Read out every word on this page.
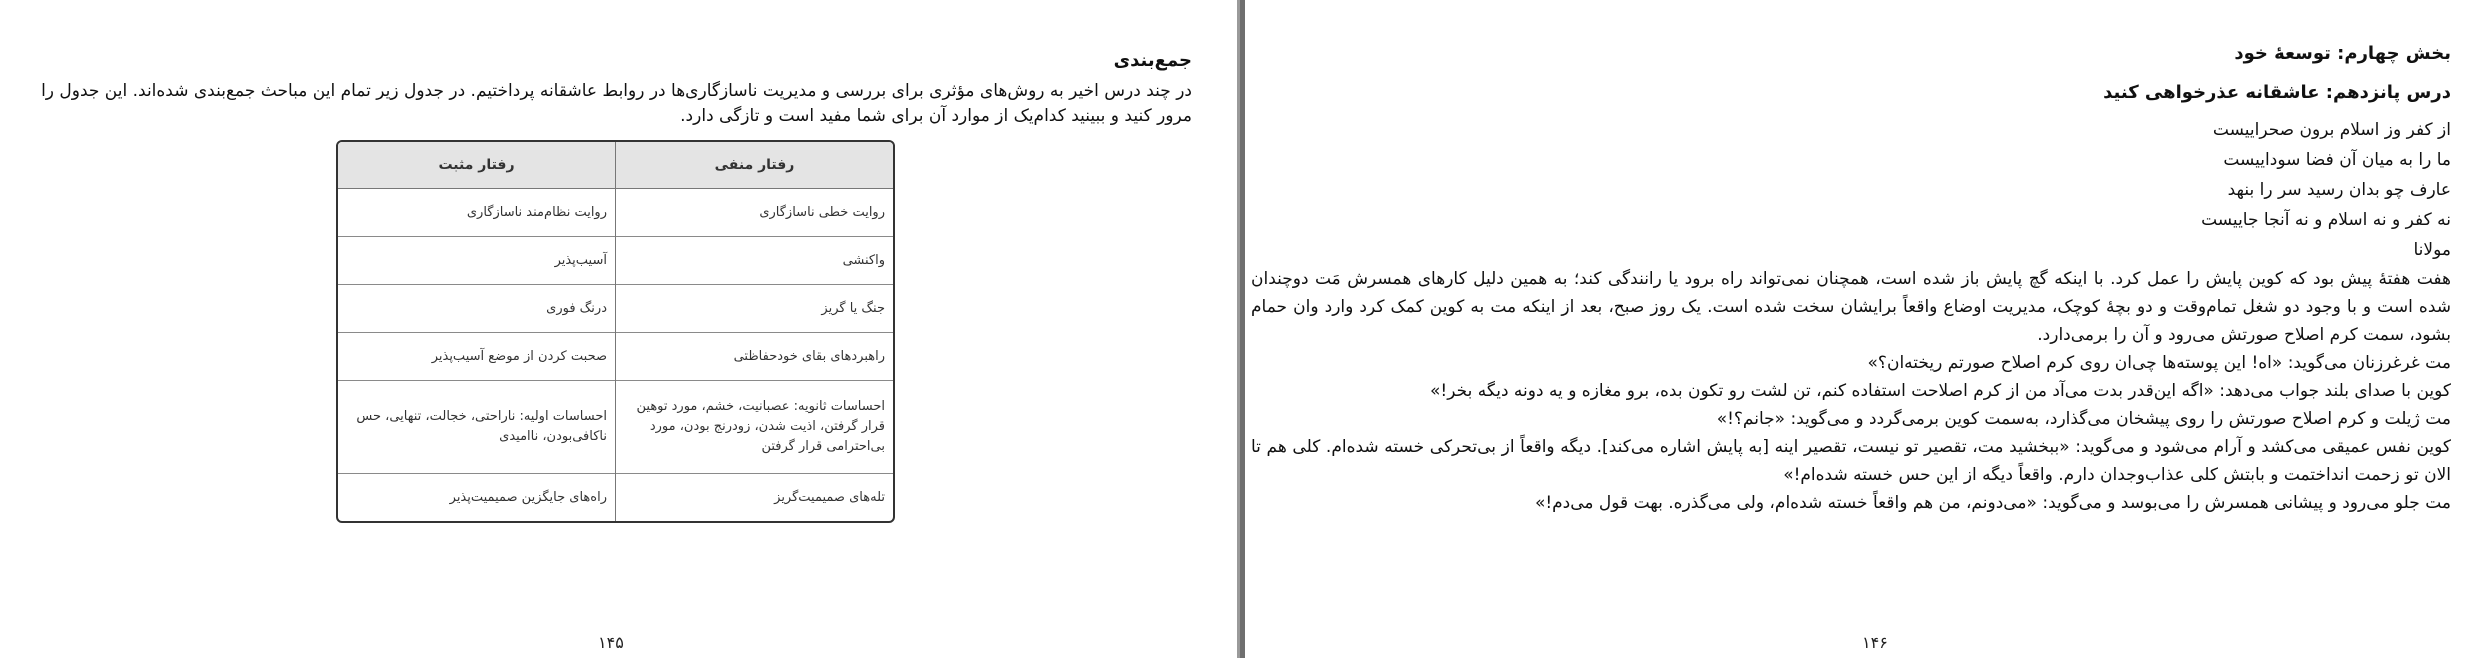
جمع‌بندی

در چند درس اخیر به روش‌های مؤثری برای بررسی و مدیریت ناسازگاری‌ها در روابط عاشقانه پرداختیم. در جدول زیر تمام این مباحث جمع‌بندی شده‌اند. این جدول را مرور کنید و ببینید کدام‌یک از موارد آن برای شما مفید است و تازگی دارد.

رفتار منفی	رفتار مثبت
روایت خطی ناسازگاری	روایت نظام‌مند ناسازگاری
واکنشی	آسیب‌پذیر
جنگ یا گریز	درنگ فوری
راهبردهای بقای خودحفاظتی	صحبت کردن از موضع آسیب‌پذیر
احساسات ثانویه: عصبانیت، خشم، مورد توهین قرار گرفتن، اذیت شدن، زودرنج بودن، مورد بی‌احترامی قرار گرفتن	احساسات اولیه: ناراحتی، خجالت، تنهایی، حس ناکافی‌بودن، ناامیدی
تله‌های صمیمیت‌گریز	راه‌های جایگزین صمیمیت‌پذیر
۱۴۵
بخش چهارم: توسعهٔ خود
درس پانزدهم: عاشقانه عذرخواهی کنید

از کفر وز اسلام برون صحراییست

ما را به میان آن فضا سوداییست

عارف چو بدان رسید سر را بنهد

نه کفر و نه اسلام و نه آنجا جاییست

مولانا

هفت هفتهٔ پیش بود که کوین پایش را عمل کرد. با اینکه گچ پایش باز شده است، همچنان نمی‌تواند راه برود یا رانندگی کند؛ به همین دلیل کارهای همسرش مَت دوچندان شده است و با وجود دو شغل تمام‌وقت و دو بچهٔ کوچک، مدیریت اوضاع واقعاً برایشان سخت شده است. یک روز صبح، بعد از اینکه مت به کوین کمک کرد وارد وان حمام بشود، سمت کرم اصلاح صورتش می‌رود و آن را برمی‌دارد.

مت غرغرزنان می‌گوید: «اه! این پوسته‌ها چی‌ان روی کرم اصلاح صورتم ریخته‌ان؟»

کوین با صدای بلند جواب می‌دهد: «اگه این‌قدر بدت می‌آد من از کرم اصلاحت استفاده کنم، تن لشت رو تکون بده، برو مغازه و یه دونه دیگه بخر!»

مت ژیلت و کرم اصلاح صورتش را روی پیشخان می‌گذارد، به‌سمت کوین برمی‌گردد و می‌گوید: «جانم؟!»

کوین نفس عمیقی می‌کشد و آرام می‌شود و می‌گوید: «ببخشید مت، تقصیر تو نیست، تقصیر اینه [به پایش اشاره می‌کند]. دیگه واقعاً از بی‌تحرکی خسته شده‌ام. کلی هم تا الان تو زحمت انداختمت و بابتش کلی عذاب‌وجدان دارم. واقعاً دیگه از این حس خسته شده‌ام!»

مت جلو می‌رود و پیشانی همسرش را می‌بوسد و می‌گوید: «می‌دونم، من هم واقعاً خسته شده‌ام، ولی می‌گذره. بهت قول می‌دم!»

۱۴۶
